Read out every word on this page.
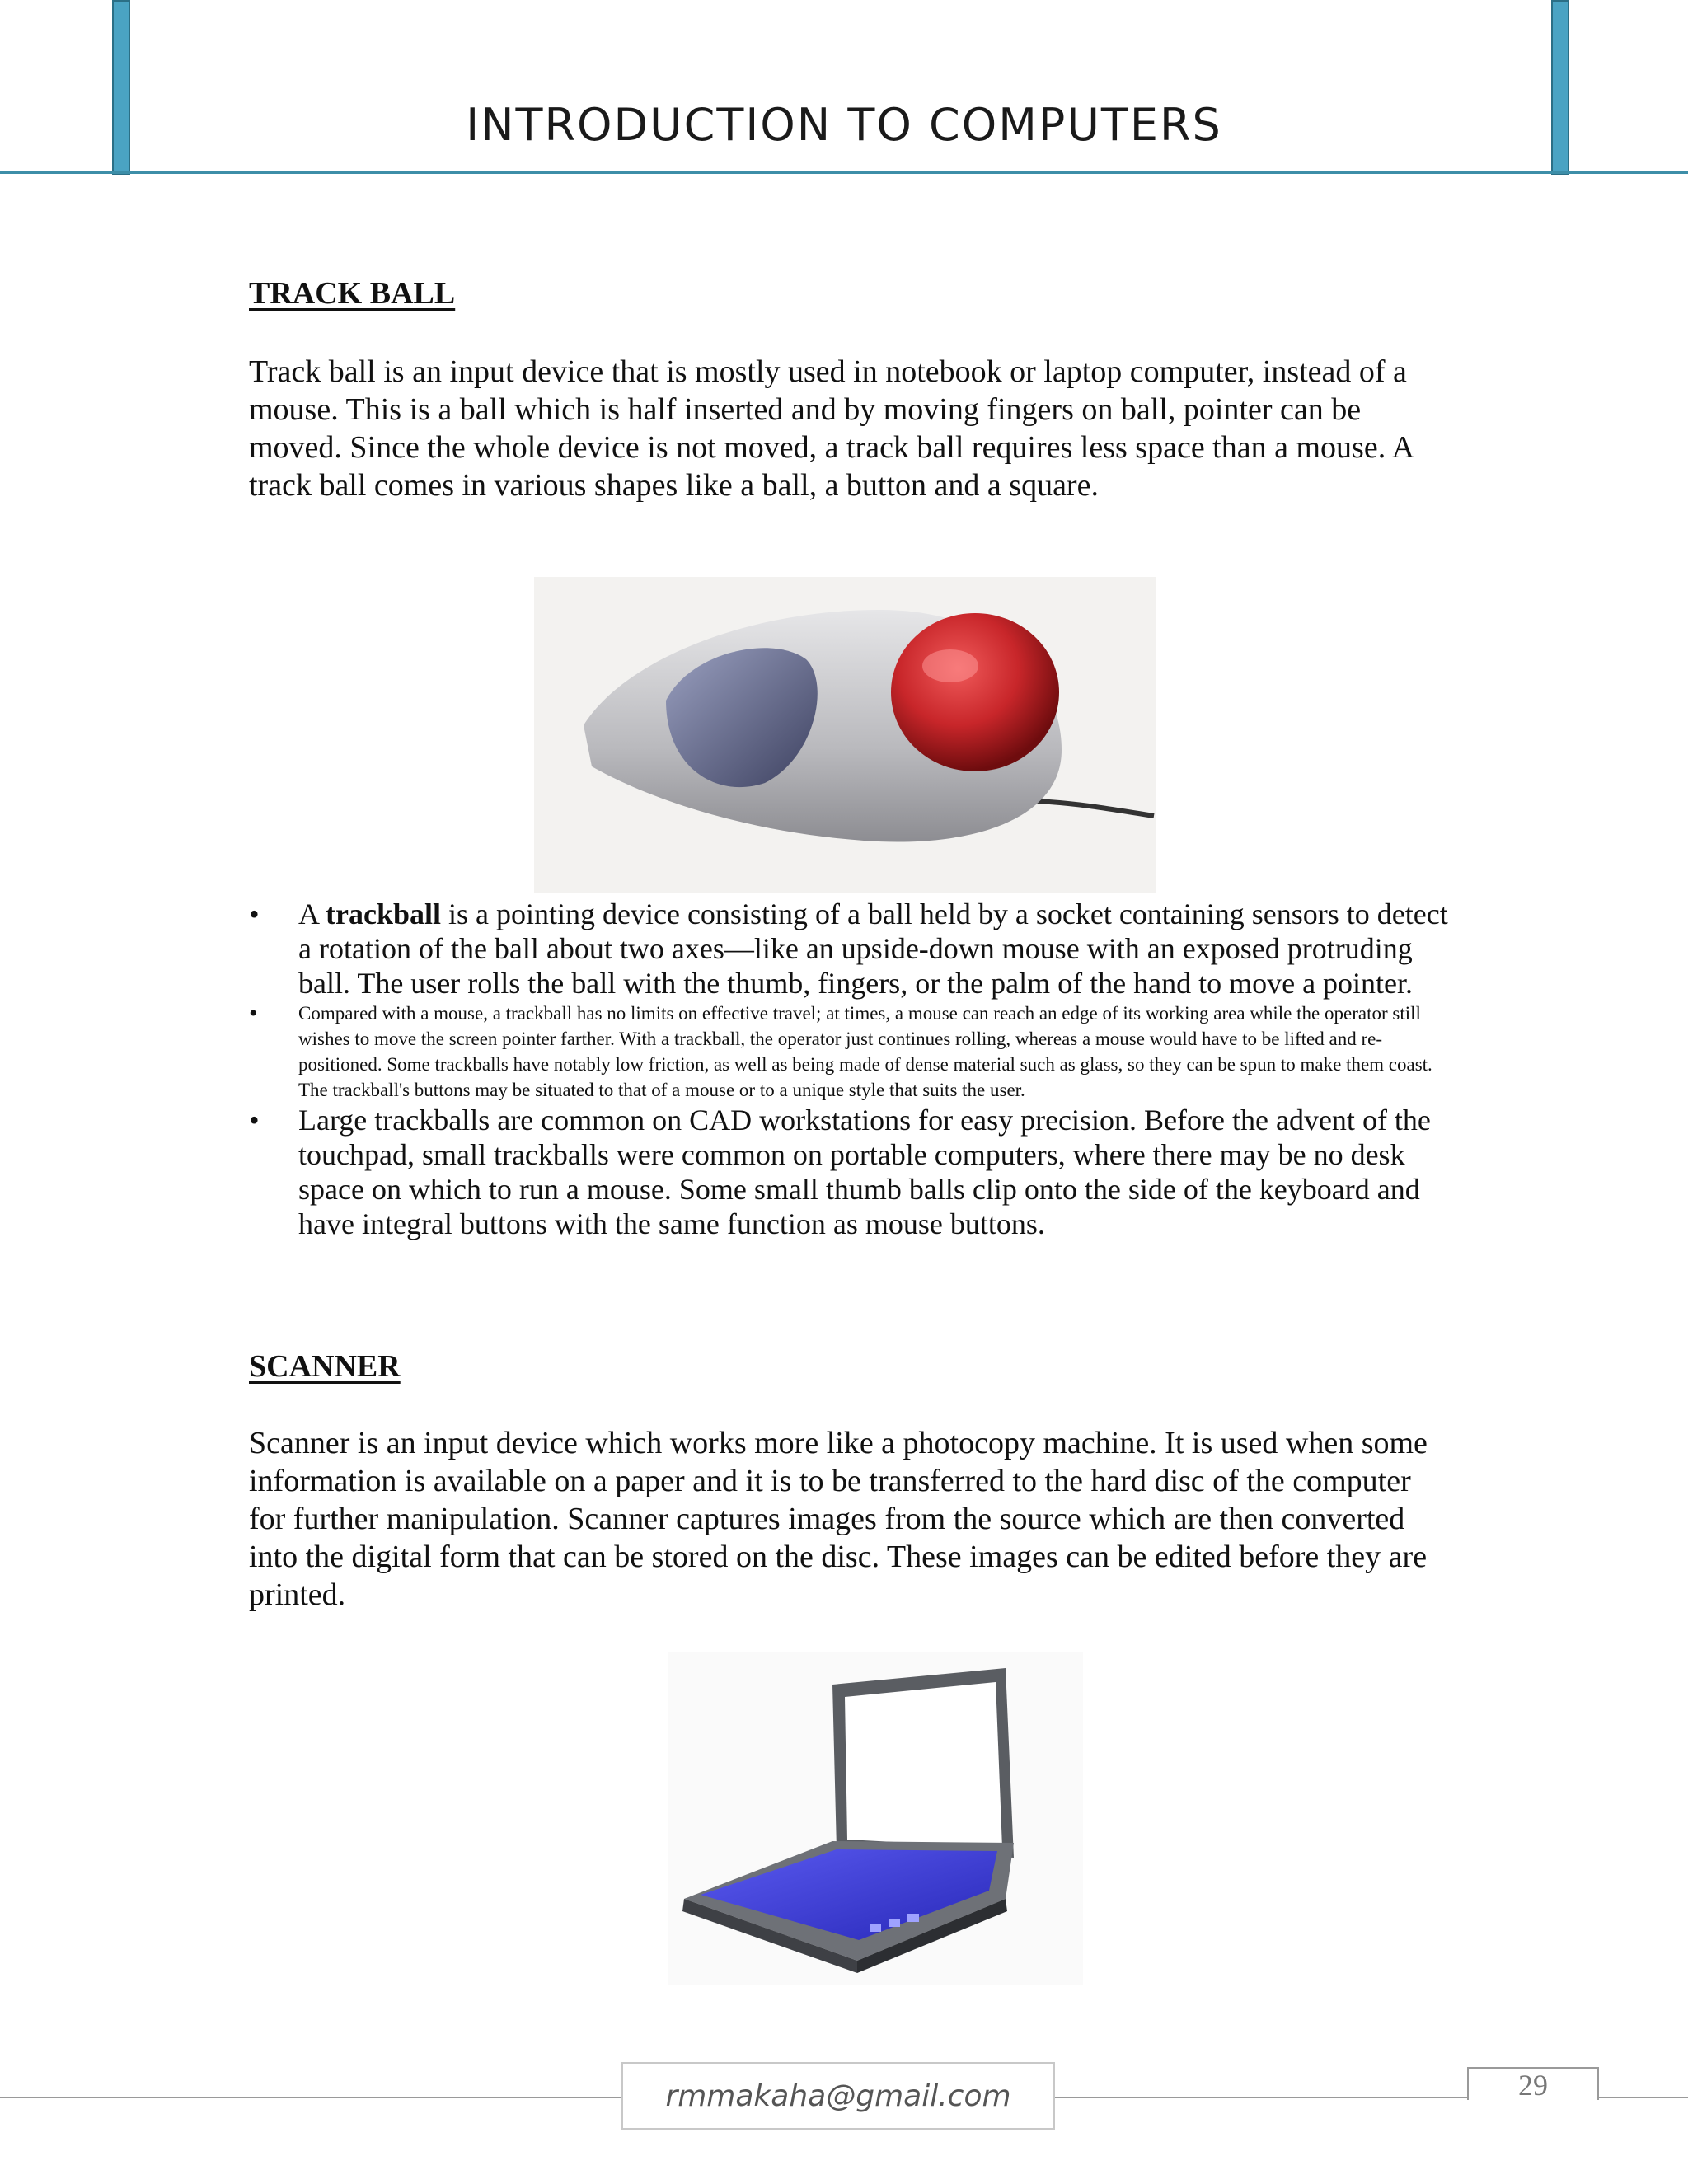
INTRODUCTION TO COMPUTERS
TRACK BALL
Track ball is an input device that is mostly used in notebook or laptop computer, instead of a mouse. This is a ball which is half inserted and by moving fingers on ball, pointer can be moved. Since the whole device is not moved, a track ball requires less space than a mouse. A track ball comes in various shapes like a ball, a button and a square.
• A trackball is a pointing device consisting of a ball held by a socket containing sensors to detect a rotation of the ball about two axes—like an upside-down mouse with an exposed protruding ball. The user rolls the ball with the thumb, fingers, or the palm of the hand to move a pointer.
• Compared with a mouse, a trackball has no limits on effective travel; at times, a mouse can reach an edge of its working area while the operator still wishes to move the screen pointer farther. With a trackball, the operator just continues rolling, whereas a mouse would have to be lifted and re-positioned. Some trackballs have notably low friction, as well as being made of dense material such as glass, so they can be spun to make them coast. The trackball's buttons may be situated to that of a mouse or to a unique style that suits the user.
• Large trackballs are common on CAD workstations for easy precision. Before the advent of the touchpad, small trackballs were common on portable computers, where there may be no desk space on which to run a mouse. Some small thumb balls clip onto the side of the keyboard and have integral buttons with the same function as mouse buttons.
SCANNER
Scanner is an input device which works more like a photocopy machine. It is used when some information is available on a paper and it is to be transferred to the hard disc of the computer for further manipulation. Scanner captures images from the source which are then converted into the digital form that can be stored on the disc. These images can be edited before they are printed.
rmmakaha@gmail.com	29
